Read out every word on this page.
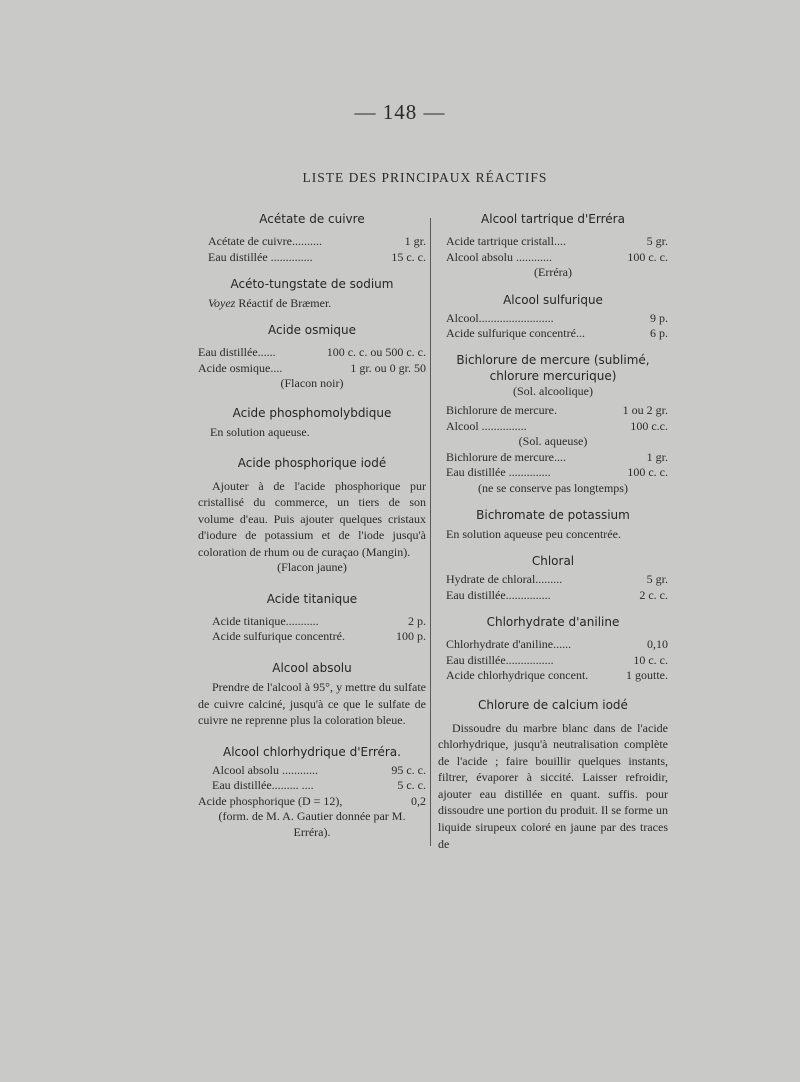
— 148 —
LISTE DES PRINCIPAUX RÉACTIFS

Acétate de cuivre

Acétate de cuivre..........	1 gr.
Eau distillée ..............	15 c. c.

Acéto-tungstate de sodium

Voyez Réactif de Bræmer.

Acide osmique

Eau distillée......	100 c. c. ou 500 c. c.
Acide osmique....	1 gr. ou 0 gr. 50
(Flacon noir)

Acide phosphomolybdique

En solution aqueuse.

Acide phosphorique iodé

Ajouter à de l'acide phosphorique pur cristallisé du commerce, un tiers de son volume d'eau. Puis ajouter quelques cristaux d'iodure de potassium et de l'iode jusqu'à coloration de rhum ou de curaçao (Mangin).

(Flacon jaune)

Acide titanique

Acide titanique...........	2 p.
Acide sulfurique concentré.	100 p.

Alcool absolu

Prendre de l'alcool à 95°, y mettre du sulfate de cuivre calciné, jusqu'à ce que le sulfate de cuivre ne reprenne plus la coloration bleue.

Alcool chlorhydrique d'Erréra.

Alcool absolu ............	95 c. c.
Eau distillée......... ....	5 c. c.
Acide phosphorique (D = 12),	0,2
(form. de M. A. Gautier donnée par M. Erréra).

Alcool tartrique d'Erréra

Acide tartrique cristall....	5 gr.
Alcool absolu ............	100 c. c.
(Erréra)

Alcool sulfurique

Alcool.........................	9 p.
Acide sulfurique concentré...	6 p.

Bichlorure de mercure (sublimé, chlorure mercurique)

(Sol. alcoolique)
Bichlorure de mercure.	1 ou 2 gr.
Alcool ...............	100 c.c.
(Sol. aqueuse)
Bichlorure de mercure....	1 gr.
Eau distillée ..............	100 c. c.
(ne se conserve pas longtemps)

Bichromate de potassium

En solution aqueuse peu concentrée.

Chloral

Hydrate de chloral.........	5 gr.
Eau distillée...............	2 c. c.

Chlorhydrate d'aniline

Chlorhydrate d'aniline......	0,10
Eau distillée................	10 c. c.
Acide chlorhydrique concent.	1 goutte.

Chlorure de calcium iodé

Dissoudre du marbre blanc dans de l'acide chlorhydrique, jusqu'à neutralisation complète de l'acide ; faire bouillir quelques instants, filtrer, évaporer à siccité. Laisser refroidir, ajouter eau distillée en quant. suffis. pour dissoudre une portion du produit. Il se forme un liquide sirupeux coloré en jaune par des traces de
